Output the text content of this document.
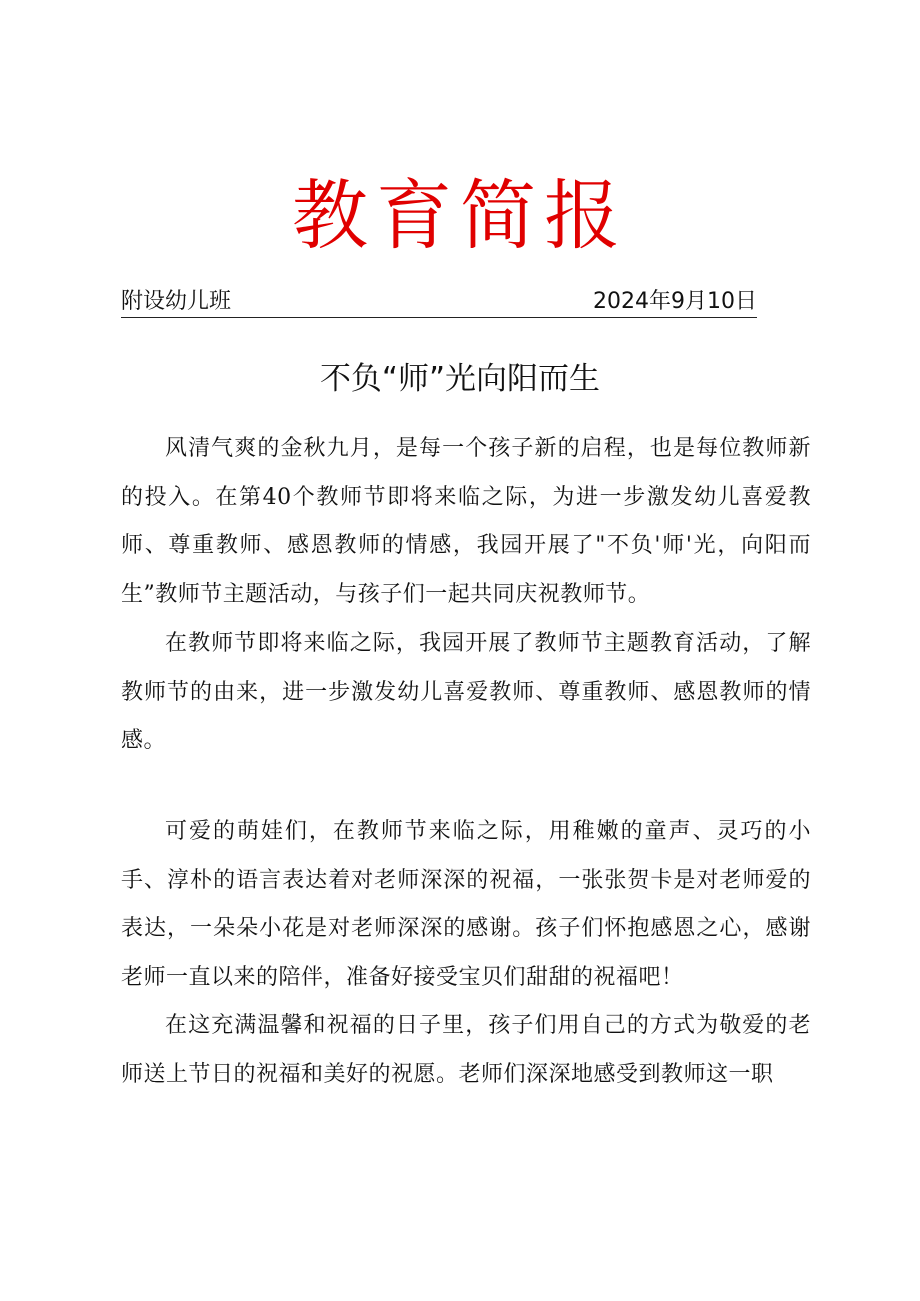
教育简报
附设幼儿班	2024年9月10日
不负“师”光向阳而生

风清气爽的金秋九月，是每一个孩子新的启程，也是每位教师新的投入。在第40个教师节即将来临之际，为进一步激发幼儿喜爱教师、尊重教师、感恩教师的情感，我园开展了"不负'师'光，向阳而生”教师节主题活动，与孩子们一起共同庆祝教师节。

在教师节即将来临之际，我园开展了教师节主题教育活动，了解教师节的由来，进一步激发幼儿喜爱教师、尊重教师、感恩教师的情感。

可爱的萌娃们，在教师节来临之际，用稚嫩的童声、灵巧的小手、淳朴的语言表达着对老师深深的祝福，一张张贺卡是对老师爱的表达，一朵朵小花是对老师深深的感谢。孩子们怀抱感恩之心，感谢老师一直以来的陪伴，准备好接受宝贝们甜甜的祝福吧！

在这充满温馨和祝福的日子里，孩子们用自己的方式为敬爱的老师送上节日的祝福和美好的祝愿。老师们深深地感受到教师这一职
